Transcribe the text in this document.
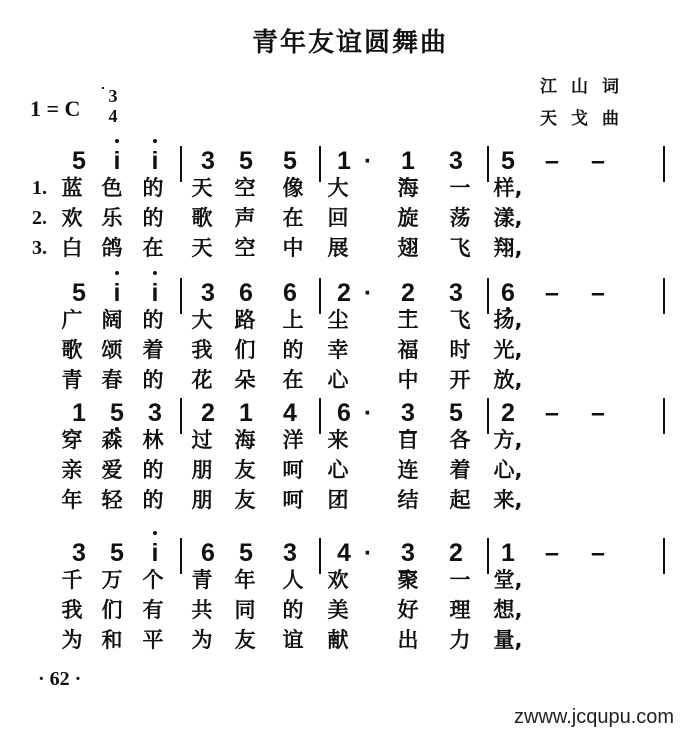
青年友谊圆舞曲
1 = C	3
4
江山词
天戈曲
5	i	i	3 5	5	1 ·	1	3	5	–	–
1. 蓝 色 的 天 空 像 大 海 一 样,
2. 欢 乐 的 歌 声 在 回 旋 荡 漾,
3. 白 鸽 在 天 空 中 展 翅 飞 翔,
5	i	i	3 6	6	2 ·	2	3	6	–	–
广 阔 的 大 路 上 尘 土 飞 扬,
歌 颂 着 我 们 的 幸 福 时 光,
青 春 的 花 朵 在 心 中 开 放,
1 5 3	2 1	4	6 ·	3	5	2	–	–
穿 森 林 过 海 洋 来 自 各 方,
亲 爱 的 朋 友 呵 心 连 着 心,
年 轻 的 朋 友 呵 团 结 起 来,
3 5	i	6 5	3	4 ·	3	2	1	–	–
千 万 个 青 年 人 欢 聚 一 堂,
我 们 有 共 同 的 美 好 理 想,
为 和 平 为 友 谊 献 出 力 量,
· 62 ·
zwww.jcqupu.com
